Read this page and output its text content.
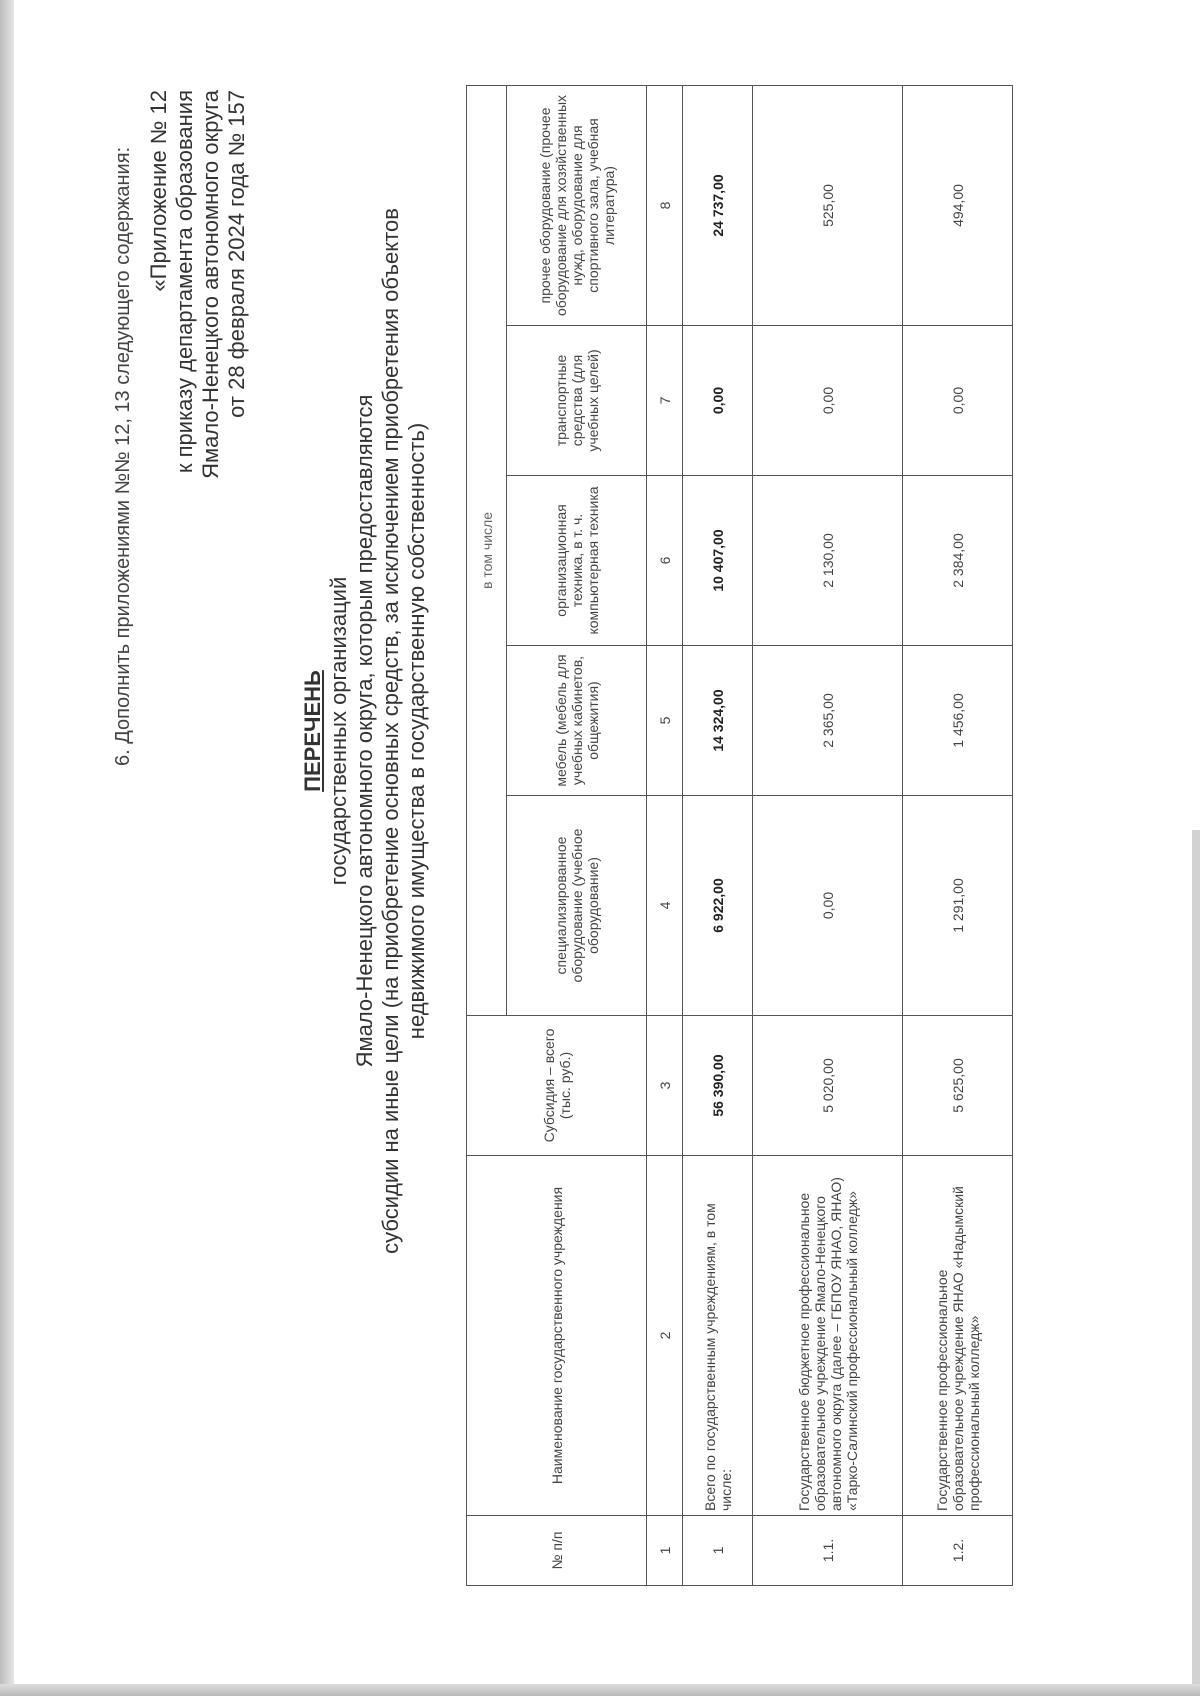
6. Дополнить приложениями №№ 12, 13 следующего содержания: «Приложение № 12 к приказу департамента образования Ямало-Ненецкого автономного округа от 28 февраля 2024 года № 157
ПЕРЕЧЕНЬ государственных организаций Ямало-Ненецкого автономного округа, которым предоставляются субсидии на иные цели (на приобретение основных средств, за исключением приобретения объектов недвижимого имущества в государственную собственность)
№ п/п	Наименование государственного учреждения	Субсидия – всего (тыс. руб.)	в том числе				
			специализированное оборудование (учебное оборудование)	мебель (мебель для учебных кабинетов, общежития)	организационная техника, в т. ч. компьютерная техника	транспортные средства (для учебных целей)	прочее оборудование (прочее оборудование для хозяйственных нужд, оборудование для спортивного зала, учебная литература)
1	2	3	4	5	6	7	8
1	Всего по государственным учреждениям, в том числе:	56 390,00	6 922,00	14 324,00	10 407,00	0,00	24 737,00
1.1.	Государственное бюджетное профессиональное образовательное учреждение Ямало-Ненецкого автономного округа (далее – ГБПОУ ЯНАО, ЯНАО) «Тарко-Салинский профессиональный колледж»	5 020,00	0,00	2 365,00	2 130,00	0,00	525,00
1.2.	Государственное профессиональное образовательное учреждение ЯНАО «Надымский профессиональный колледж»	5 625,00	1 291,00	1 456,00	2 384,00	0,00	494,00
